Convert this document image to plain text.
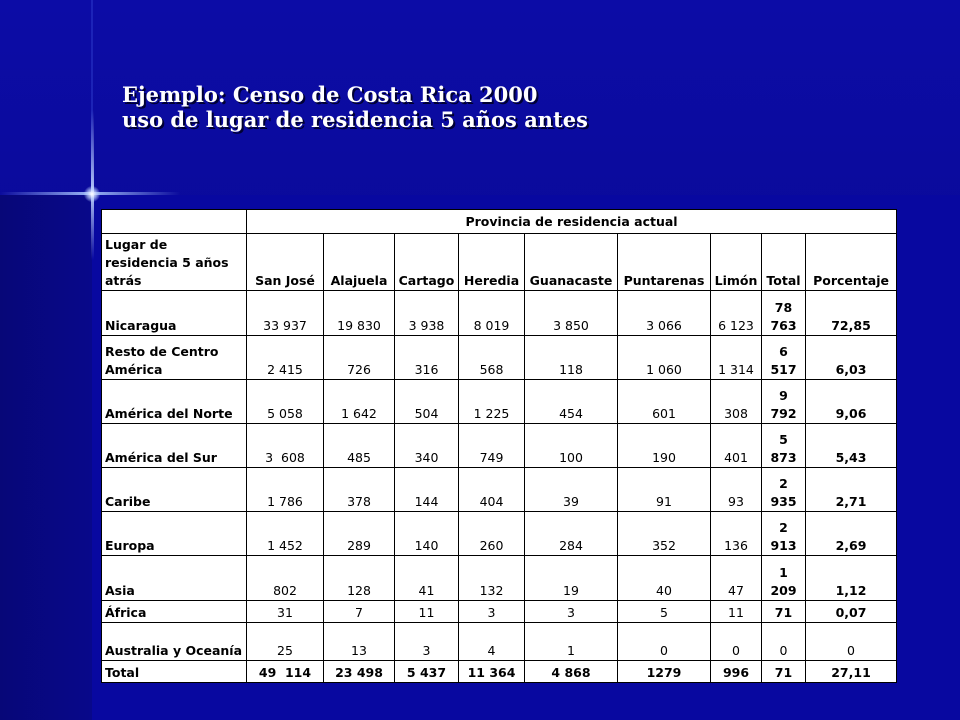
Ejemplo: Censo de Costa Rica 2000
uso de lugar de residencia 5 años antes
	Provincia de residencia actual								
Lugar de residencia 5 años atrás	San José	Alajuela	Cartago	Heredia	Guanacaste	Puntarenas	Limón	Total	Porcentaje
Nicaragua	33 937	19 830	3 938	8 019	3 850	3 066	6 123	78 763	72,85
Resto de Centro América	2 415	726	316	568	118	1 060	1 314	6 517	6,03
América del Norte	5 058	1 642	504	1 225	454	601	308	9 792	9,06
América del Sur	3  608	485	340	749	100	190	401	5 873	5,43
Caribe	1 786	378	144	404	39	91	93	2 935	2,71
Europa	1 452	289	140	260	284	352	136	2 913	2,69
Asia	802	128	41	132	19	40	47	1 209	1,12
África	31	7	11	3	3	5	11	71	0,07
Australia y Oceanía	25	13	3	4	1	0	0	0	0
Total	49  114	23 498	5 437	11 364	4 868	1279	996	71	27,11
